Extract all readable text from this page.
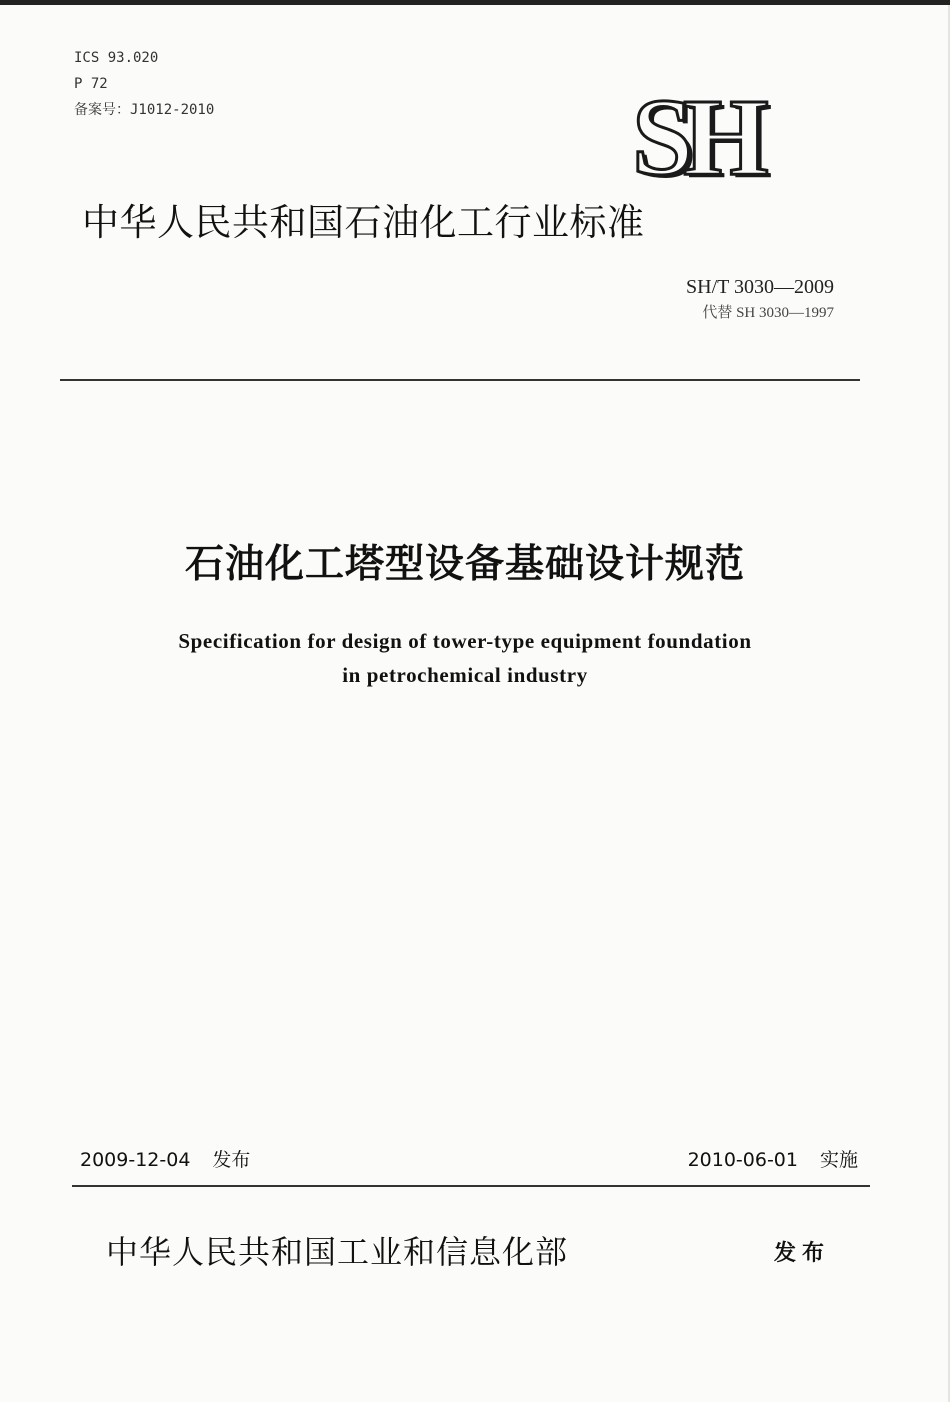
ICS 93.020
P 72
备案号：J1012-2010	SH
中华人民共和国石油化工行业标准
SH/T 3030—2009
代替 SH 3030—1997
石油化工塔型设备基础设计规范
Specification for design of tower-type equipment foundation
in petrochemical industry
2009-12-04 发布	2010-06-01 实施
中华人民共和国工业和信息化部	发布
